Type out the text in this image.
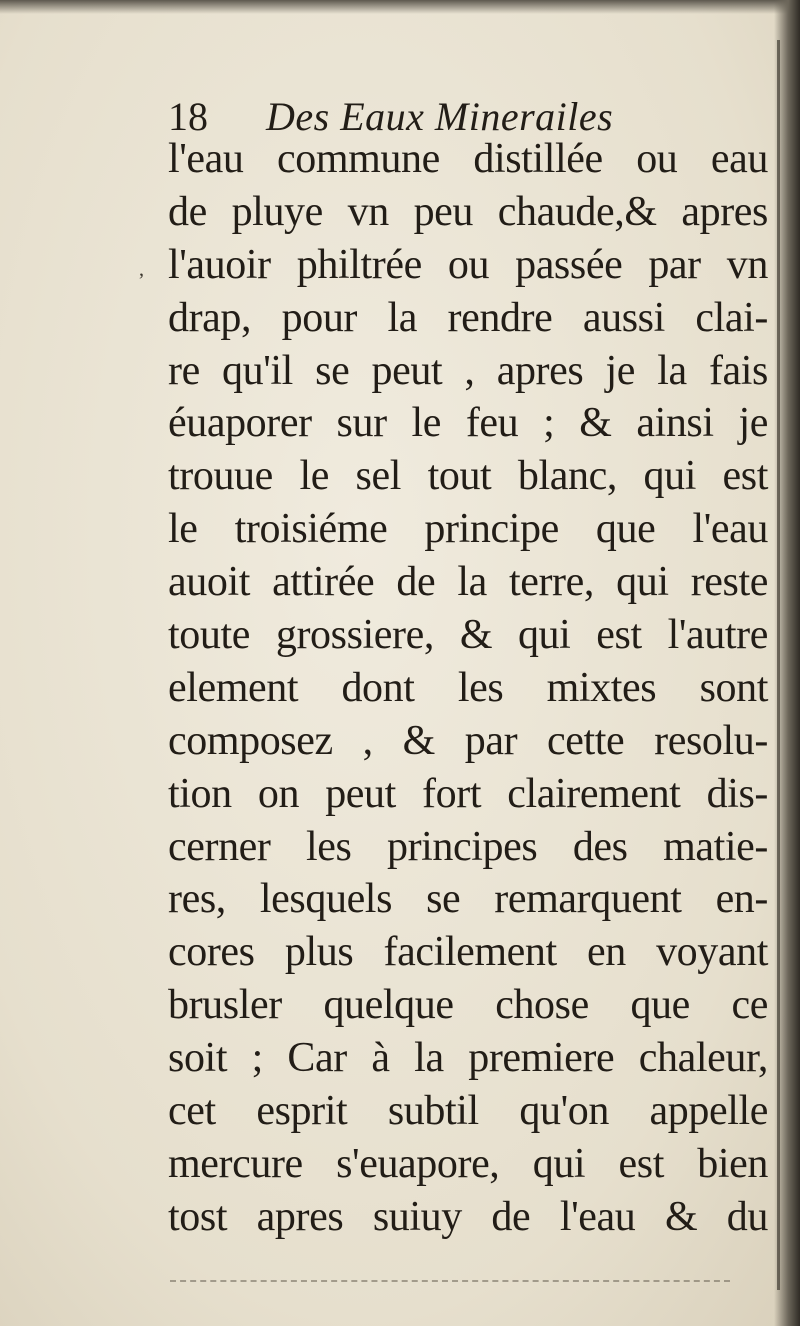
ʼ
18 Des Eaux Minerailes
l'eau commune distillée ou eau
de pluye vn peu chaude,& apres
l'auoir philtrée ou passée par vn
drap, pour la rendre aussi clai-
re qu'il se peut , apres je la fais
éuaporer sur le feu ; & ainsi je
trouue le sel tout blanc, qui est
le troisiéme principe que l'eau
auoit attirée de la terre, qui reste
toute grossiere, & qui est l'autre
element dont les mixtes sont
composez , & par cette resolu-
tion on peut fort clairement dis-
cerner les principes des matie-
res, lesquels se remarquent en-
cores plus facilement en voyant
brusler quelque chose que ce
soit ; Car à la premiere chaleur,
cet esprit subtil qu'on appelle
mercure s'euapore, qui est bien
tost apres suiuy de l'eau & du
